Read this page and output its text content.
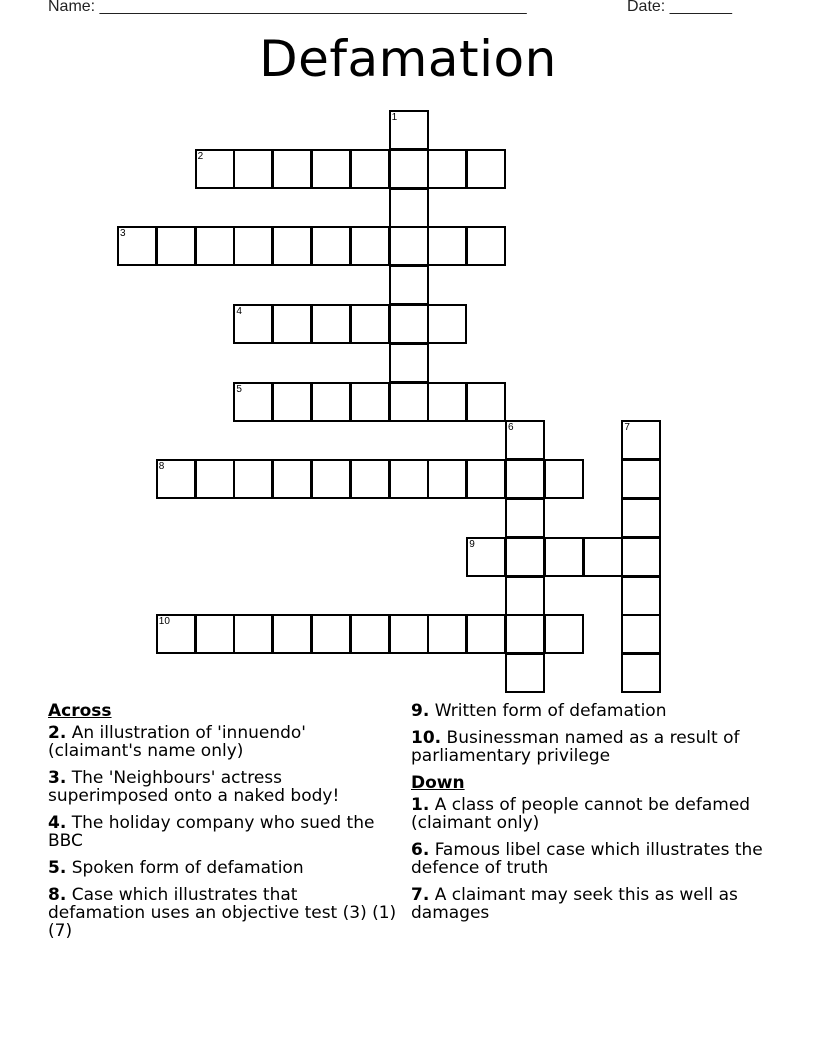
Name: ________________________________________________	Date: _______
Defamation
1
2
3
4
5
6	7
8
9
10
Across
2. An illustration of 'innuendo' (claimant's name only)
3. The 'Neighbours' actress superimposed onto a naked body!
4. The holiday company who sued the BBC
5. Spoken form of defamation
8. Case which illustrates that defamation uses an objective test (3) (1) (7)
9. Written form of defamation
10. Businessman named as a result of parliamentary privilege
Down
1. A class of people cannot be defamed (claimant only)
6. Famous libel case which illustrates the defence of truth
7. A claimant may seek this as well as damages
